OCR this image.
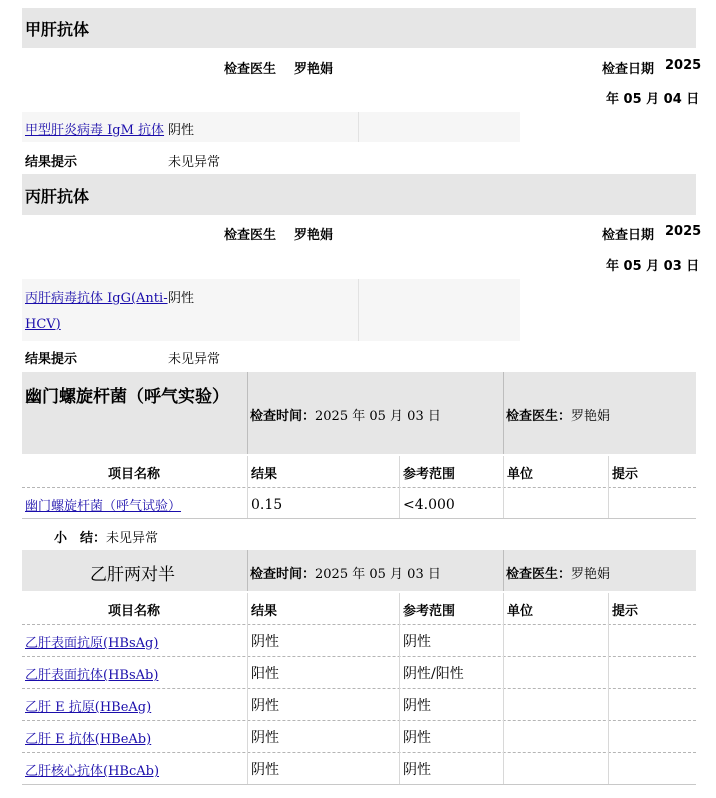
甲肝抗体
检查医生 罗艳娟	检查日期 2025
年 05 月 04 日
甲型肝炎病毒 IgM 抗体 阴性
结果提示	未见异常
丙肝抗体
检查医生 罗艳娟	检查日期 2025
年 05 月 03 日
丙肝病毒抗体 IgG(Anti-
HCV)
阴性
结果提示	未见异常
幽门螺旋杆菌（呼气实验）
检查时间：2025 年 05 月 03 日	检查医生：罗艳娟
项目名称	结果	参考范围	单位	提示
幽门螺旋杆菌（呼气试验）	0.15	<4.000
小　结：未见异常
乙肝两对半	检查时间：2025 年 05 月 03 日	检查医生：罗艳娟
项目名称	结果	参考范围	单位	提示
乙肝表面抗原(HBsAg)	阴性	阴性
乙肝表面抗体(HBsAb)	阳性	阴性/阳性
乙肝 E 抗原(HBeAg)	阴性	阴性
乙肝 E 抗体(HBeAb)	阴性	阴性
乙肝核心抗体(HBcAb)	阴性	阴性
